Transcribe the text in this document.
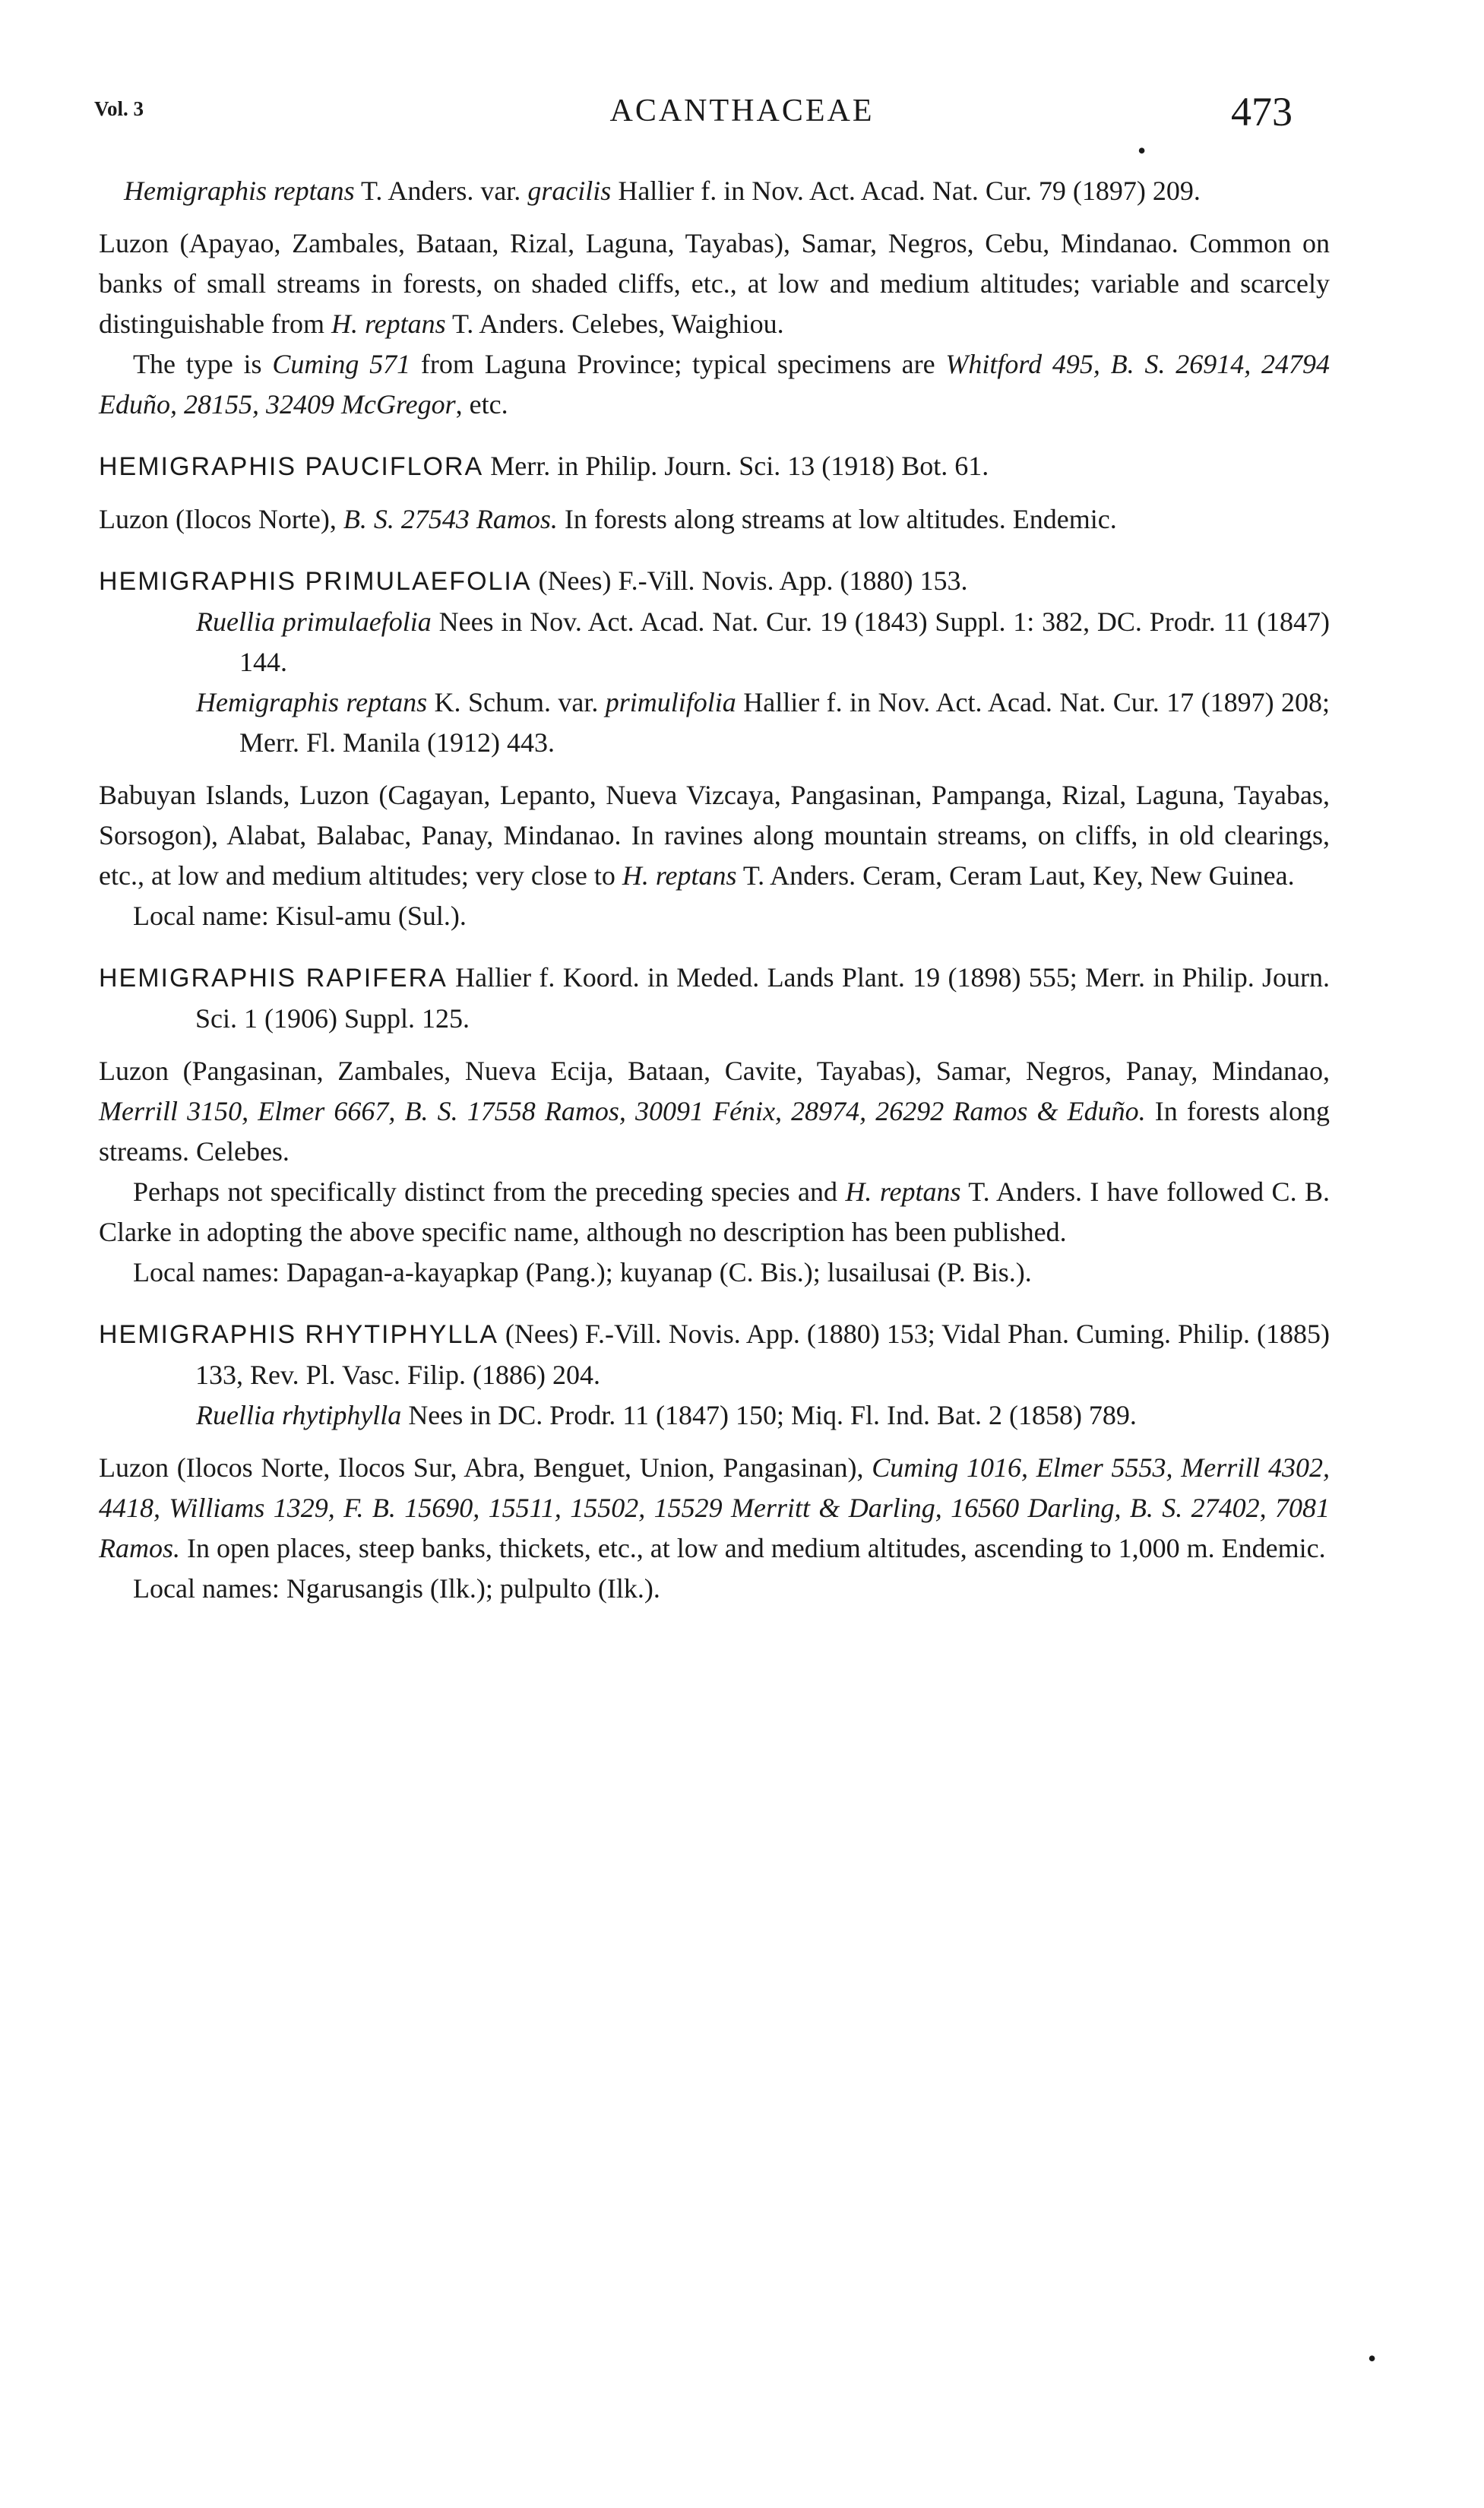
Vol. 3	ACANTHACEAE	473
•

Hemigraphis reptans T. Anders. var. gracilis Hallier f. in Nov. Act. Acad. Nat. Cur. 79 (1897) 209.

Luzon (Apayao, Zambales, Bataan, Rizal, Laguna, Tayabas), Samar, Negros, Cebu, Mindanao. Common on banks of small streams in forests, on shaded cliffs, etc., at low and medium altitudes; variable and scarcely distinguishable from H. reptans T. Anders. Celebes, Waighiou.

The type is Cuming 571 from Laguna Province; typical specimens are Whitford 495, B. S. 26914, 24794 Eduño, 28155, 32409 McGregor, etc.

HEMIGRAPHIS PAUCIFLORA Merr. in Philip. Journ. Sci. 13 (1918) Bot. 61.

Luzon (Ilocos Norte), B. S. 27543 Ramos. In forests along streams at low altitudes. Endemic.

HEMIGRAPHIS PRIMULAEFOLIA (Nees) F.-Vill. Novis. App. (1880) 153.

Ruellia primulaefolia Nees in Nov. Act. Acad. Nat. Cur. 19 (1843) Suppl. 1: 382, DC. Prodr. 11 (1847) 144.

Hemigraphis reptans K. Schum. var. primulifolia Hallier f. in Nov. Act. Acad. Nat. Cur. 17 (1897) 208; Merr. Fl. Manila (1912) 443.

Babuyan Islands, Luzon (Cagayan, Lepanto, Nueva Vizcaya, Pangasinan, Pampanga, Rizal, Laguna, Tayabas, Sorsogon), Alabat, Balabac, Panay, Mindanao. In ravines along mountain streams, on cliffs, in old clearings, etc., at low and medium altitudes; very close to H. reptans T. Anders. Ceram, Ceram Laut, Key, New Guinea.

Local name: Kisul-amu (Sul.).

HEMIGRAPHIS RAPIFERA Hallier f. Koord. in Meded. Lands Plant. 19 (1898) 555; Merr. in Philip. Journ. Sci. 1 (1906) Suppl. 125.

Luzon (Pangasinan, Zambales, Nueva Ecija, Bataan, Cavite, Tayabas), Samar, Negros, Panay, Mindanao, Merrill 3150, Elmer 6667, B. S. 17558 Ramos, 30091 Fénix, 28974, 26292 Ramos & Eduño. In forests along streams. Celebes.

Perhaps not specifically distinct from the preceding species and H. reptans T. Anders. I have followed C. B. Clarke in adopting the above specific name, although no description has been published.

Local names: Dapagan-a-kayapkap (Pang.); kuyanap (C. Bis.); lusailusai (P. Bis.).

HEMIGRAPHIS RHYTIPHYLLA (Nees) F.-Vill. Novis. App. (1880) 153; Vidal Phan. Cuming. Philip. (1885) 133, Rev. Pl. Vasc. Filip. (1886) 204.

Ruellia rhytiphylla Nees in DC. Prodr. 11 (1847) 150; Miq. Fl. Ind. Bat. 2 (1858) 789.

Luzon (Ilocos Norte, Ilocos Sur, Abra, Benguet, Union, Pangasinan), Cuming 1016, Elmer 5553, Merrill 4302, 4418, Williams 1329, F. B. 15690, 15511, 15502, 15529 Merritt & Darling, 16560 Darling, B. S. 27402, 7081 Ramos. In open places, steep banks, thickets, etc., at low and medium altitudes, ascending to 1,000 m. Endemic.

Local names: Ngarusangis (Ilk.); pulpulto (Ilk.).

•
